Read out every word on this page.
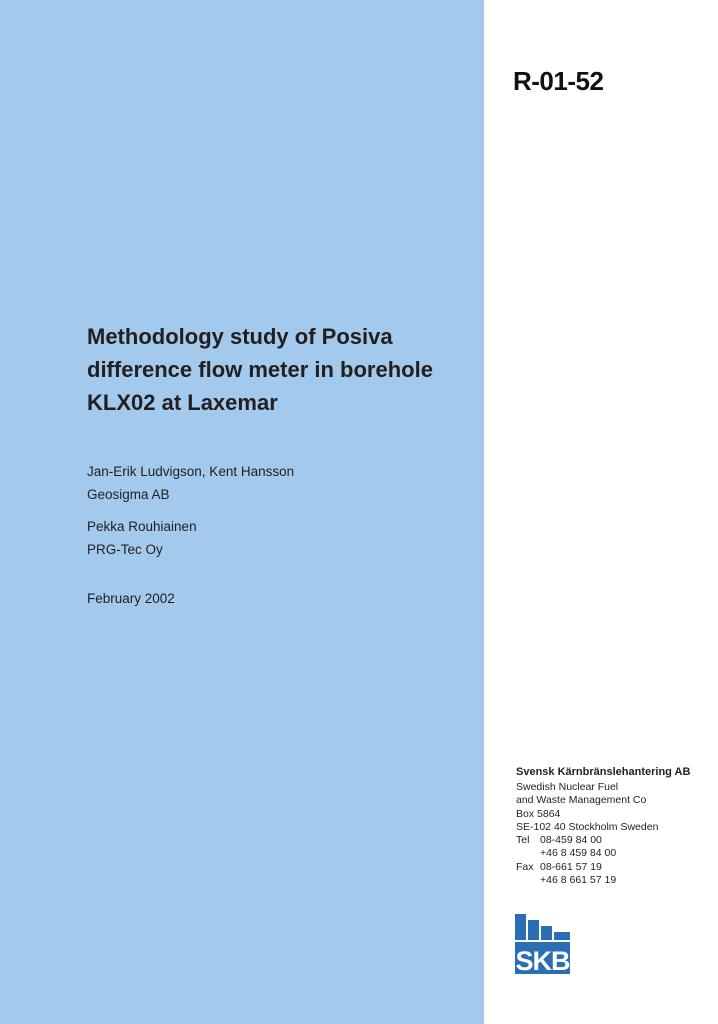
R-01-52
Methodology study of Posiva
difference flow meter in borehole
KLX02 at Laxemar
Jan-Erik Ludvigson, Kent Hansson
Geosigma AB
Pekka Rouhiainen
PRG-Tec Oy
February 2002
Svensk Kärnbränslehantering AB
Swedish Nuclear Fuel
and Waste Management Co
Box 5864
SE-102 40 Stockholm Sweden
Tel	08-459 84 00
+46 8 459 84 00
Fax 08-661 57 19
+46 8 661 57 19
SKB
